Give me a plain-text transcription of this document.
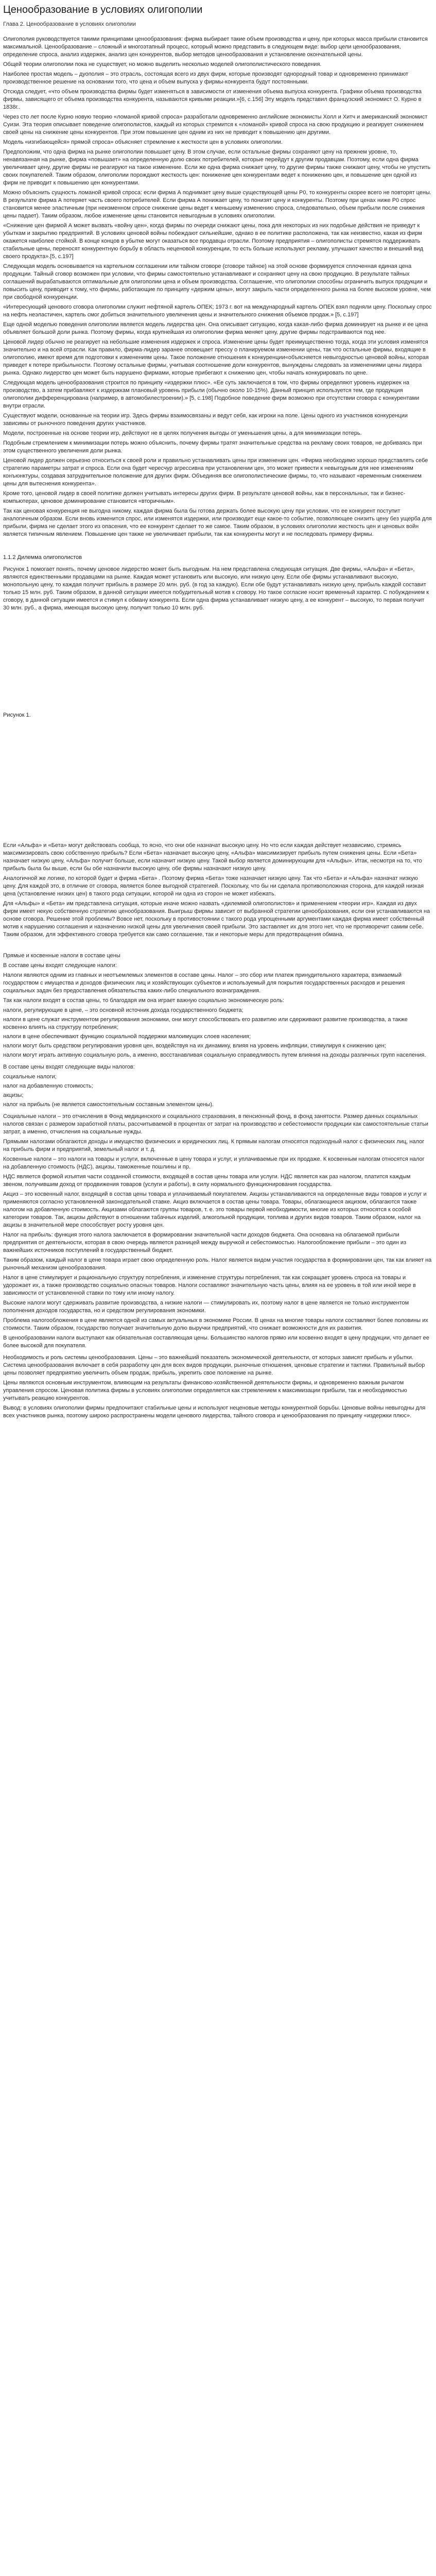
Ценообразование в условиях олигополии
Глава 2. Ценообразование в условиях олигополии

Олигополия руководствуется такими принципами ценообразования: фирма выбирает такие объем производства и цену, при которых масса прибыли становится максимальной. Ценообразование – сложный и многоэтапный процесс, который можно представить в следующем виде: выбор цели ценообразования, определение спроса, анализ издержек, анализ цен конкурентов, выбор методов ценообразования и установление окончательной цены.

Общей теории олигополии пока не существует, но можно выделить несколько моделей олигополистического поведения.

Наиболее простая модель – дуополия – это отрасль, состоящая всего из двух фирм, которые производят однородный товар и одновременно принимают производственное решение на основании того, что цена и объем выпуска у фирмы-конкурента будут постоянными.

Отсюда следует, «что объем производства фирмы будет изменяться в зависимости от изменения объема выпуска конкурента. Графики объема производства фирмы, зависящего от объема производства конкурента, называются кривыми реакции.»[6, с.156] Эту модель представил французский экономист О. Курно в 1838г..

Через сто лет после Курно новую теорию «ломаной кривой спроса» разработали одновременно английские экономисты Холл и Хитч и американский экономист Суизи. Эта теория описывает поведение олигополистов, каждый из которых стремится к «ломаной» кривой спроса на свою продукцию и реагирует снижением своей цены на снижение цены конкурентов. При этом повышение цен одним из них не приводит к повышению цен другими.

Модель «изгибающейся» прямой спроса» объясняет стремление к жесткости цен в условиях олигополии.

Предположим, что одна фирма на рынке олигополии повышает цену. В этом случае, если остальные фирмы сохраняют цену на прежнем уровне, то, ненавязанная на рынке, фирма «повышает» на определенную долю своих потребителей, которые перейдут к другим продавцам. Поэтому, если одна фирма увеличивает цену, другие фирмы не реагируют на такое изменение. Если же одна фирма снижает цену, то другие фирмы также снижают цену, чтобы не упустить своих покупателей. Таким образом, олигополии порождают жесткость цен: понижение цен конкурентами ведет к понижению цен, и повышение цен одной из фирм не приводит к повышению цен конкурентами.

Можно объяснить сущность ломаной кривой спроса: если фирма А поднимает цену выше существующей цены P0, то конкуренты скорее всего не повторят цены. В результате фирма А потеряет часть своего потребителей. Если фирма А понижает цену, то понизят цену и конкуренты. Поэтому при ценах ниже P0 спрос становится менее эластичным (при неизменном спросе снижение цены ведет к меньшему изменению спроса, следовательно, объем прибыли после снижения цены падает). Таким образом, любое изменение цены становится невыгодным в условиях олигополии.

«Снижение цен фирмой А может вызвать «войну цен», когда фирмы по очереди снижают цены, пока для некоторых из них подобные действия не приведут к убыткам и закрытию предприятий. В условиях ценовой войны побеждают сильнейшие, однако в ее политике расположена, так как неизвестно, какая из фирм окажется наиболее стойкой. В конце концов в убытке могут оказаться все продавцы отрасли. Поэтому предприятия – олигополисты стремятся поддерживать стабильные цены, переносят конкурентную борьбу в область неценовой конкуренции, то есть больше используют рекламу, улучшают качество и внешний вид своего продукта».[5, с.197]

Следующая модель основывается на картельном соглашении или тайном сговоре (сговоре тайное) на этой основе формируется сплоченная единая цена продукции. Тайный сговор возможен при условии, что фирмы самостоятельно устанавливают и сохраняют цену на свою продукцию. В результате тайных соглашений вырабатываются оптимальные для олигополии цена и объем производства. Соглашение, что олигополии способны ограничить выпуск продукции и повысить цену, приводит к тому, что фирмы, работающие по принципу «держим цены», могут закрыть части определенного рынка на более высоком уровне, чем при свободной конкуренции.

«Интересующий ценового сговора олигополии служит нефтяной картель ОПЕК; 1973 г. вот на международный картель ОПЕК взял подняли цену. Поскольку спрос на нефть неэластичен, картель смог добиться значительного увеличения цены и значительного снижения объемов продаж.» [5, с.197]

Еще одной моделью поведения олигополии является модель лидерства цен. Она описывает ситуацию, когда какая-либо фирма доминирует на рынке и ее цена объявляет большой доли рынка. Поэтому фирмы, когда крупнейшая из олигополии фирма меняет цену, другие фирмы подстраиваются под нее.

Ценовой лидер обычно не реагирует на небольшие изменения издержек и спроса. Изменение цены будет преимущественно тогда, когда эти условия изменятся значительно и на всей отрасли. Как правило, фирма-лидер заранее оповещает прессу о планируемом изменении цены, так что остальные фирмы, входящие в олигополию, имеют время для подготовки к изменениям цены. Такое положение отношения к конкуренции«объясняется невыгодностью ценовой войны, которая приведет к потере прибыльности. Поэтому остальные фирмы, учитывая соотношение доли конкурентов, вынуждены следовать за изменениями цены лидера рынка. Однако лидерство цен может быть нарушено фирмами, которые прибегают к снижению цен, чтобы начать конкурировать по цене.

Следующая модель ценообразования строится по принципу «издержки плюс». «Ее суть заключается в том, что фирмы определяют уровень издержек на производство, а затем прибавляют к издержкам плановый уровень прибыли (обычно около 10-15%). Данный принцип используется тем, где продукция олигополии дифференцирована (например, в автомобилестроении).» [5, с.198] Подобное поведение фирм возможно при отсутствии сговора с конкурентами внутри отрасли.

Существуют модели, основанные на теории игр. Здесь фирмы взаимосвязаны и ведут себя, как игроки на поле. Цены одного из участников конкуренции зависимы от рыночного поведения других участников.

Модели, построенные на основе теории игр, действуют не в целях получения выгоды от уменьшения цены, а для минимизации потерь.

Подобным стремлением к минимизации потерь можно объяснить, почему фирмы тратят значительные средства на рекламу своих товаров, не добиваясь при этом существенного увеличения доли рынка.

Ценовой лидер должен серьезно относиться к своей роли и правильно устанавливать цены при изменении цен. «Фирма необходимо хорошо представлять себе стратегию параметры затрат и спроса. Если она будет чересчур агрессивна при установлении цен, это может привести к невыгодным для нее изменениям конъюнктуры, создавая затруднительное положение для других фирм. Объединяя все олигополистические фирмы, то, что называют «временным снижением цены для вытеснения конкурента».

Кроме того, ценовой лидер в своей политике должен учитывать интересы других фирм. В результате ценовой войны, как в персональных, так и бизнес-компьютерах, ценовое доминирование становится «вторичным».

Так как ценовая конкуренция не выгодна никому, каждая фирма была бы готова держать более высокую цену при условии, что ее конкурент поступит аналогичным образом. Если вновь изменится спрос, или изменятся издержки, или производит еще какое-то событие, позволяющее снизить цену без ущерба для прибыли, фирма не сделает этого из опасения, что ее конкурент сделает то же самое. Таким образом, в условиях олигополии жесткость цен и ценовых войн является типичным явлением. Повышение цен также не увеличивает прибыли, так как конкуренты могут и не последовать примеру фирмы.

1.1.2 Дилемма олигополистов

Рисунок 1 помогает понять, почему ценовое лидерство может быть выгодным. На нем представлена следующая ситуация. Две фирмы, «Альфа» и «Бета», являются единственными продавцами на рынке. Каждая может установить или высокую, или низкую цену. Если обе фирмы устанавливают высокую, монопольную цену, то каждая получит прибыль в размере 20 млн. руб. (в год за каждую). Если обе будут устанавливать низкую цену, прибыль каждой составит только 15 млн. руб. Таким образом, в данной ситуации имеется побудительный мотив к сговору. Но такое согласие носит временный характер. С побуждением к сговору, в данной ситуации имеется и стимул к обману конкурента. Если одна фирма устанавливает низкую цену, а ее конкурент – высокую, то первая получит 30 млн. руб., а фирма, имеющая высокую цену, получит только 10 млн. руб.

Рисунок 1.

Если «Альфа» и «Бета» могут действовать сообща, то ясно, что они обе назначат высокую цену. Но что если каждая действует независимо, стремясь максимизировать свою собственную прибыль? Если «Бета» назначает высокую цену, «Альфа» максимизирует прибыль путем снижения цены. Если «Бета» назначает низкую цену, «Альфа» получит больше, если назначит низкую цену. Такой выбор является доминирующим для «Альфы». Итак, несмотря на то, что прибыль была бы выше, если бы обе назначили высокую цену, обе фирмы назначают низкую цену.

Аналогичной же логике, по которой будет и фирма «Бета» . Поэтому фирма «Бета» тоже назначает низкую цену. Так что «Бета» и «Альфа» назначат низкую цену. Для каждой это, в отличие от сговора, является более выгодной стратегией. Поскольку, что бы ни сделала противоположная сторона, для каждой низкая цена (установление низких цен) в такого рода ситуации, которой ни одна из сторон не может избежать.

Для «Альфы» и «Бета» им представлена ситуация, которые иначе можно назвать «дилеммой олигополистов» и применением «теории игр». Каждая из двух фирм имеет некую собственную стратегию ценообразования. Выигрыш фирмы зависит от выбранной стратегии ценообразования, если они устанавливаются на основе сговора. Решение этой проблемы? Вовсе нет, поскольку в противостоянии с такого рода упрощенными аргументами каждая фирма имеет собственный мотив к нарушению соглашения и назначению низкой цены для увеличения своей прибыли. Это заставляет их для этого нет, что не противоречит самим себе. Таким образом, для эффективного сговора требуется как само соглашение, так и некоторые меры для предотвращения обмана.

Прямые и косвенные налоги в составе цены

В составе цены входят следующие налоги:

Налоги являются одним из главных и неотъемлемых элементов в составе цены. Налог – это сбор или платеж принудительного характера, взимаемый государством с имущества и доходов физических лиц и хозяйствующих субъектов и используемый для покрытия государственных расходов и решения социальных задач без предоставления обязательства каких-либо специального вознаграждения.

Так как налоги входят в состав цены, то благодаря им она играет важную социально экономическую роль:

налоги, регулирующие в цене, – это основной источник дохода государственного бюджета;

налоги в цене служат инструментом регулирования экономики, они могут способствовать его развитию или сдерживают развитие производства, а также косвенно влиять на структуру потребления;

налоги в цене обеспечивают функцию социальной поддержки малоимущих слоев населения;

налоги могут быть средством регулирования уровня цен, воздействуя на их динамику, влияя на уровень инфляции, стимулируя к снижению цен;

налоги могут играть активную социальную роль, а именно, восстанавливая социальную справедливость путем влияния на доходы различных групп населения.

В составе цены входят следующие виды налогов:

социальные налоги;

налог на добавленную стоимость;

акцизы;

налог на прибыль (не является самостоятельным составным элементом цены).

Социальные налоги – это отчисления в Фонд медицинского и социального страхования, в пенсионный фонд, в фонд занятости. Размер данных социальных налогов связан с размером заработной платы, рассчитываемой в процентах от затрат на производство и себестоимости продукции как самостоятельные статьи затрат, а именно, отчисления на социальные нужды.

Прямыми налогами облагаются доходы и имущество физических и юридических лиц. К прямым налогам относятся подоходный налог с физических лиц, налог на прибыль фирм и предприятий, земельный налог и т. д.

Косвенные налоги – это налоги на товары и услуги, включенные в цену товара и услуг, и уплачиваемые при их продаже. К косвенным налогам относятся налог на добавленную стоимость (НДС), акцизы, таможенные пошлины и пр.

НДС является формой изъятия части созданной стоимости, входящей в состав цены товара или услуги. НДС является как раз налогом, платится каждым звеном, получившим доход от продвижения товаров (услуги и работы), в силу нормального функционирования государства.

Акциз – это косвенный налог, входящий в состав цены товара и уплачиваемый покупателем. Акцизы устанавливаются на определенные виды товаров и услуг и применяются согласно установленной законодательной ставке. Акциз включается в состав цены товара. Товары, облагающиеся акцизом, облагаются также налогом на добавленную стоимость. Акцизами облагаются группы товаров, т. е. это товары первой необходимости, многие из которых относятся к особой категории товаров. Так, акцизы действуют в отношении табачных изделий, алкогольной продукции, топлива и других видов товаров. Таким образом, налог на акцизы в значительной мере способствует росту уровня цен.

Налог на прибыль: функция этого налога заключается в формировании значительной части доходов бюджета. Она основана на облагаемой прибыли предприятия от деятельности, которая в свою очередь является разницей между выручкой и себестоимостью. Налогообложение прибыли – это один из важнейших источников поступлений в государственный бюджет.

Таким образом, каждый налог в цене товара играет свою определенную роль. Налог является видом участия государства в формировании цен, так как влияет на рыночный механизм ценообразования.

Налог в цене стимулирует и рациональную структуру потребления, и изменение структуры потребления, так как сокращает уровень спроса на товары и удорожает их, а также производство социально опасных товаров. Налоги составляют значительную часть цены, влияя на ее уровень в той или иной мере в зависимости от установленной ставки по тому или иному налогу.

Высокие налоги могут сдерживать развитие производства, а низкие налоги — стимулировать их, поэтому налог в цене является не только инструментом пополнения доходов государства, но и средством регулирования экономики.

Проблема налогообложения в цене является одной из самых актуальных в экономике России. В ценах на многие товары налоги составляют более половины их стоимости. Таким образом, государство получает значительную долю выручки предприятий, что снижает возможности для их развития.

В ценообразовании налоги выступают как обязательная составляющая цены. Большинство налогов прямо или косвенно входят в цену продукции, что делает ее более высокой для покупателя.

Необходимость и роль системы ценообразования. Цены – это важнейший показатель экономической деятельности, от которых зависят прибыль и убытки. Система ценообразования включает в себя разработку цен для всех видов продукции, рыночные отношения, ценовые стратегии и тактики. Правильный выбор цены позволяет предприятию увеличить объем продаж, прибыль, укрепить свое положение на рынке.

Цены являются основным инструментом, влияющим на результаты финансово-хозяйственной деятельности фирмы, и одновременно важным рычагом управления спросом. Ценовая политика фирмы в условиях олигополии определяется как стремлением к максимизации прибыли, так и необходимостью учитывать реакцию конкурентов.

Вывод: в условиях олигополии фирмы предпочитают стабильные цены и используют неценовые методы конкурентной борьбы. Ценовые войны невыгодны для всех участников рынка, поэтому широко распространены модели ценового лидерства, тайного сговора и ценообразования по принципу «издержки плюс».
